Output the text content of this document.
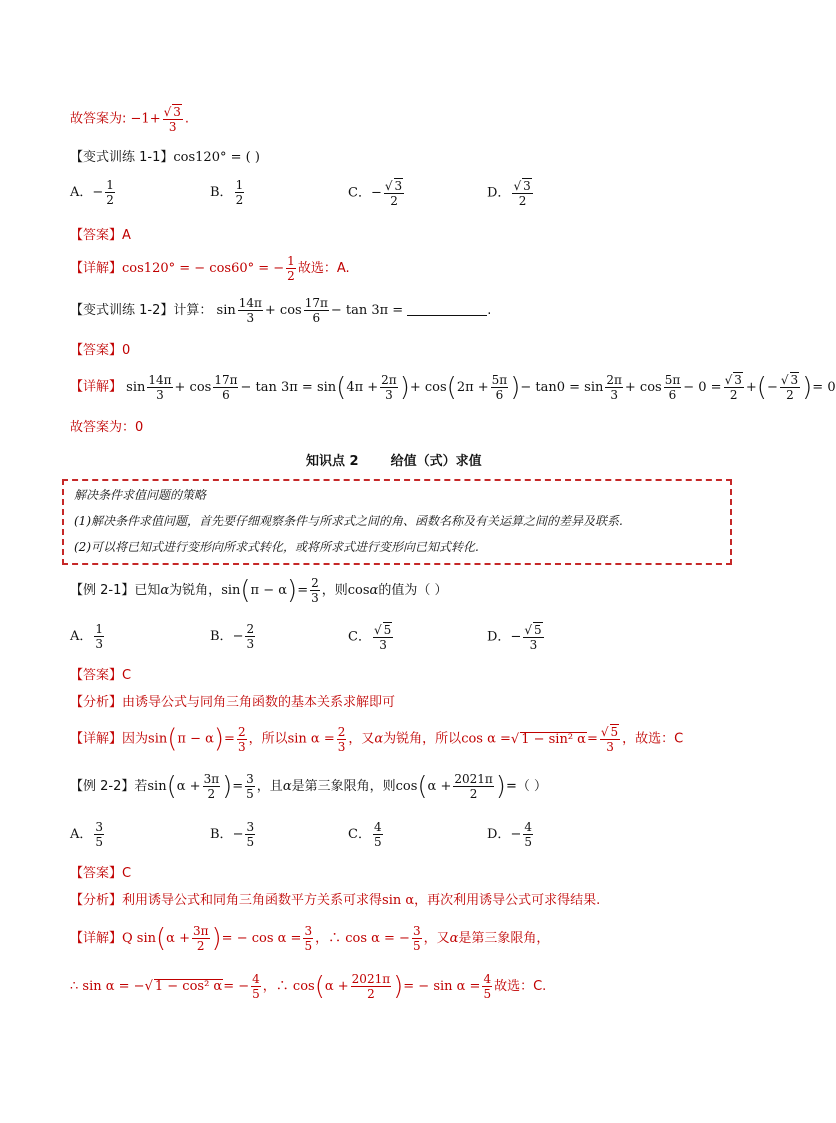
故答案为: −1+ √ $\frac{3}{3}$ .
【变式训练 1-1】cos120° = ( )
A．− $\frac{1}{2}$	B． $\frac{1}{2}$	C．− √ $\frac{3}{2}$	D． √ $\frac{3}{2}$
【答案】A
【详解】cos120° = − cos60° = − $\frac{1}{2}$ 故选：A.
【变式训练 1-2】计算： $\sin \frac{14\pi}{3} + \cos \frac{17\pi}{6} - \tan 3\pi$ =	.
【答案】0
【详解】 $\sin \frac{14\pi}{3} + \cos \frac{17\pi}{6} - \tan 3\pi = \sin(4\pi + \frac{2\pi}{3}$ )+ $\cos(2\pi + \frac{5\pi}{6}$ )− $\tan 0 = \sin \frac{2\pi}{3} + \cos \frac{5\pi}{6} - 0$ = √ $\frac{3}{2}$ +(− √ $\frac{3}{2}$ )= 0
故答案为：0
知识点 2 给值（式）求值
解决条件求值问题的策略
(1)解决条件求值问题，首先要仔细观察条件与所求式之间的角、函数名称及有关运算之间的差异及联系.
(2)可以将已知式进行变形向所求式转化，或将所求式进行变形向已知式转化.
【例 2-1】已知α为锐角，$\sin(\pi - \alpha)= \frac{2}{3}$ ，则cosα的值为（ ）
A． $\frac{1}{3}$	B．− $\frac{2}{3}$	C． √ $\frac{5}{3}$	D．− √ $\frac{5}{3}$
【答案】C
【分析】由诱导公式与同角三角函数的基本关系求解即可
【详解】因为$\sin(\pi - \alpha)= \frac{2}{3}$ ，所以$\sin \alpha = \frac{2}{3}$ ，又α为锐角，所以cos α = √ 1 − sin² α= √ $\frac{5}{3}$ ，故选：C
【例 2-2】若$\sin(\alpha + \frac{3\pi}{2}$ )= $\frac{3}{5}$ ，且α是第三象限角，则$\cos(\alpha + \frac{2021\pi}{2}$ )=（ ）
A． $\frac{3}{5}$	B．− $\frac{3}{5}$	C． $\frac{4}{5}$	D．− $\frac{4}{5}$
【答案】C
【分析】利用诱导公式和同角三角函数平方关系可求得sin α，再次利用诱导公式可求得结果.
【详解】Q $\sin(\alpha + \frac{3\pi}{2}$ )= − $\cos \alpha = \frac{3}{5}$ ，∴ cos α = − $\frac{3}{5}$ ，又α是第三象限角，
∴ sin α = − √ 1 − cos² $\alpha= - \frac{4}{5}$ ，∴ $\cos(\alpha + \frac{2021\pi}{2}$ )= − $\sin \alpha = \frac{4}{5}$ 故选：C.
